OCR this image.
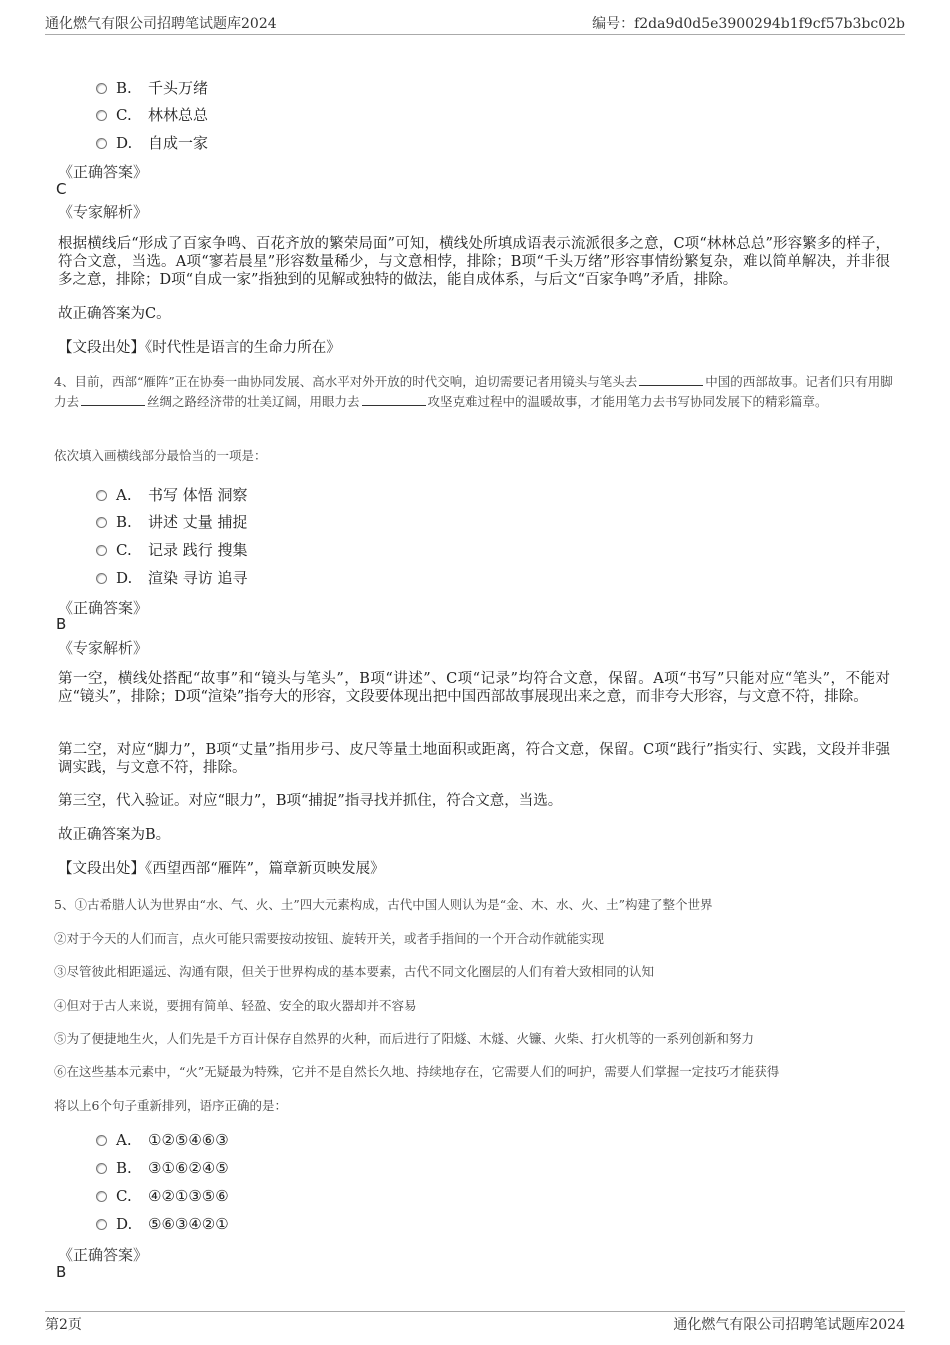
通化燃气有限公司招聘笔试题库2024	编号：f2da9d0d5e3900294b1f9cf57b3bc02b
B. 千头万绪
C. 林林总总
D. 自成一家
《正确答案》
C
《专家解析》
根据横线后“形成了百家争鸣、百花齐放的繁荣局面”可知，横线处所填成语表示流派很多之意，C项“林林总总”形容繁多的样子，符合文意，当选。A项“寥若晨星”形容数量稀少，与文意相悖，排除；B项“千头万绪”形容事情纷繁复杂，难以简单解决，并非很多之意，排除；D项“自成一家”指独到的见解或独特的做法，能自成体系，与后文“百家争鸣”矛盾，排除。
故正确答案为C。
【文段出处】《时代性是语言的生命力所在》
4、目前，西部“雁阵”正在协奏一曲协同发展、高水平对外开放的时代交响，迫切需要记者用镜头与笔头去	中国的西部故事。记者们只有用脚力去	丝绸之路经济带的壮美辽阔，用眼力去	攻坚克难过程中的温暖故事，才能用笔力去书写协同发展下的精彩篇章。
依次填入画横线部分最恰当的一项是：
A. 书写 体悟 洞察
B. 讲述 丈量 捕捉
C. 记录 践行 搜集
D. 渲染 寻访 追寻
《正确答案》
B
《专家解析》
第一空，横线处搭配“故事”和“镜头与笔头”，B项“讲述”、C项“记录”均符合文意，保留。A项“书写”只能对应“笔头”，不能对应“镜头”，排除；D项“渲染”指夸大的形容，文段要体现出把中国西部故事展现出来之意，而非夸大形容，与文意不符，排除。
第二空，对应“脚力”，B项“丈量”指用步弓、皮尺等量土地面积或距离，符合文意，保留。C项“践行”指实行、实践，文段并非强调实践，与文意不符，排除。
第三空，代入验证。对应“眼力”，B项“捕捉”指寻找并抓住，符合文意，当选。
故正确答案为B。
【文段出处】《西望西部“雁阵”，篇章新页映发展》
5、①古希腊人认为世界由“水、气、火、土”四大元素构成，古代中国人则认为是“金、木、水、火、土”构建了整个世界
②对于今天的人们而言，点火可能只需要按动按钮、旋转开关，或者手指间的一个开合动作就能实现
③尽管彼此相距遥远、沟通有限，但关于世界构成的基本要素，古代不同文化圈层的人们有着大致相同的认知
④但对于古人来说，要拥有简单、轻盈、安全的取火器却并不容易
⑤为了便捷地生火，人们先是千方百计保存自然界的火种，而后进行了阳燧、木燧、火镰、火柴、打火机等的一系列创新和努力
⑥在这些基本元素中，“火”无疑最为特殊，它并不是自然长久地、持续地存在，它需要人们的呵护，需要人们掌握一定技巧才能获得
将以上6个句子重新排列，语序正确的是：
A. ①②⑤④⑥③
B. ③①⑥②④⑤
C. ④②①③⑤⑥
D. ⑤⑥③④②①
《正确答案》
B
第2页	通化燃气有限公司招聘笔试题库2024
